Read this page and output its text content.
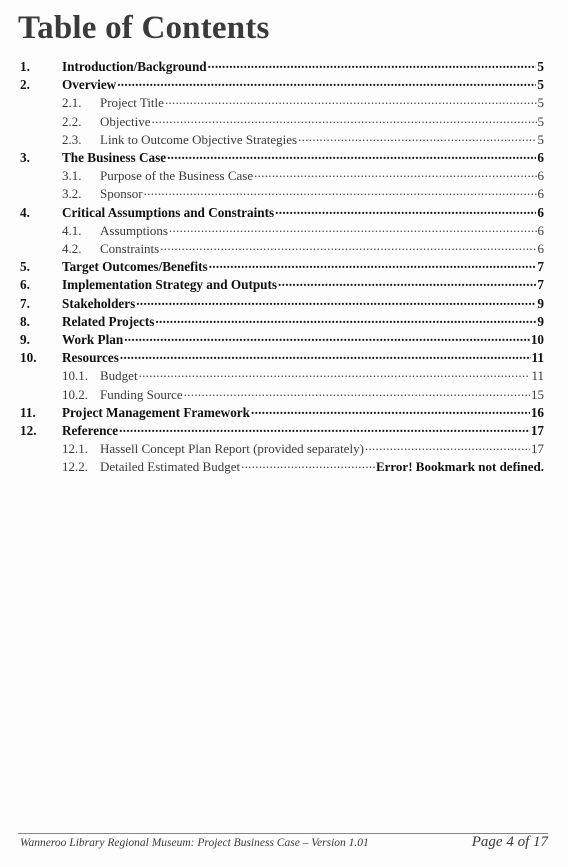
Table of Contents
1.	Introduction/Background .....	5
2.	Overview .....	5
2.1.	Project Title .....	5
2.2.	Objective .....	5
2.3.	Link to Outcome Objective Strategies .....	5
3.	The Business Case .....	6
3.1.	Purpose of the Business Case .....	6
3.2.	Sponsor .....	6
4.	Critical Assumptions and Constraints .....	6
4.1.	Assumptions .....	6
4.2.	Constraints .....	6
5.	Target Outcomes/Benefits .....	7
6.	Implementation Strategy and Outputs .....	7
7.	Stakeholders .....	9
8.	Related Projects .....	9
9.	Work Plan .....	10
10.	Resources .....	11
10.1. Budget .....	11
10.2. Funding Source .....	15
11.	Project Management Framework .....	16
12.	Reference .....	17
12.1. Hassell Concept Plan Report (provided separately) .....	17
12.2. Detailed Estimated Budget .....	Error! Bookmark not defined.
Wanneroo Library Regional Museum: Project Business Case – Version 1.01	Page 4 of 17
